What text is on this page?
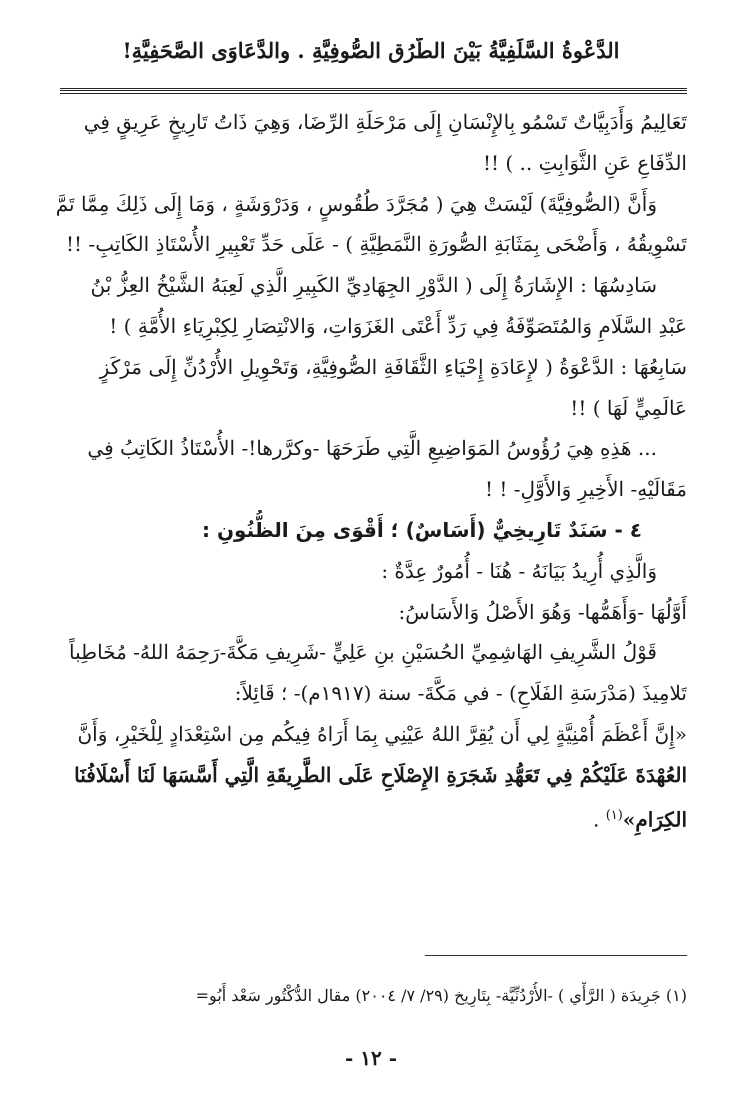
الدَّعْوةُ السَّلَفِيَّةُ بَيْنَ الطُّرُقِ الصُّوفِيَّةِ . والدَّعَاوَى الصَّحَفِيَّةِ!
تَعَالِيمُ وَأَدَبِيَّاتٌ تَسْمُو بِالإِنْسَانِ إِلَى مَرْحَلَةِ الرِّضَا، وَهِيَ ذَاتُ تَارِيخٍ عَرِيقٍ فِي
الدِّفَاعِ عَنِ الثَّوَابِتِ .. ) !!
وَأَنَّ (الصُّوفِيَّةَ) لَيْسَتْ هِيَ ( مُجَرَّدَ طُقُوسٍ ، وَدَرْوَشَةٍ ، وَمَا إِلَى ذَلِكَ مِمَّا تَمَّ
تَسْوِيقُهُ ، وَأَضْحَى بِمَثَابَةِ الصُّورَةِ النَّمَطِيَّةِ ) - عَلَى حَدِّ تَعْبِيرِ الأُسْتَاذِ الكَاتِبِ- !!
سَادِسُهَا : الإِشَارَةُ إِلَى ( الدَّوْرِ الجِهَادِيِّ الكَبِيرِ الَّذِي لَعِبَهُ الشَّيْخُ العِزُّ بْنُ
عَبْدِ السَّلَامِ وَالمُتَصَوِّفَةُ فِي رَدِّ أَعْتَى الغَزَوَاتِ، وَالانْتِصَارِ لِكِبْرِيَاءِ الأُمَّةِ ) !
سَابِعُهَا : الدَّعْوَةُ ( لإِعَادَةِ إِحْيَاءِ الثَّقَافَةِ الصُّوفِيَّةِ، وَتَحْوِيلِ الأُرْدُنِّ إِلَى مَرْكَزٍ
عَالَمِيٍّ لَهَا ) !!
... هَذِهِ هِيَ رُؤُوسُ المَوَاضِيعِ الَّتِي طَرَحَهَا -وكرَّرها!- الأُسْتَاذُ الكَاتِبُ فِي
مَقَالَيْهِ- الأَخِيرِ وَالأَوَّلِ- ! !
٤ - سَنَدٌ تَارِيخِيٌّ (أَسَاسٌ) ؛ أَقْوَى مِنَ الظُّنُونِ :
وَالَّذِي أُرِيدُ بَيَانَهُ - هُنَا - أُمُورٌ عِدَّةٌ :
أَوَّلُهَا -وَأَهَمُّها- وَهُوَ الأَصْلُ وَالأَسَاسُ:
قَوْلُ الشَّرِيفِ الهَاشِمِيِّ الحُسَيْنِ بنِ عَلِيٍّ -شَرِيفِ مَكَّةَ-رَحِمَهُ اللهُ- مُخَاطِباً
تَلامِيذَ (مَدْرَسَةِ الفَلَاحِ) - في مَكَّةَ- سنة (١٩١٧م)- ؛ قَائِلاً:
«إِنَّ أَعْظَمَ أُمْنِيَّةٍ لِي أَن يُقِرَّ اللهُ عَيْنِي بِمَا أَرَاهُ فِيكُم مِن اسْتِعْدَادٍ لِلْخَيْرِ، وَأَنَّ
العُهْدَةَ عَلَيْكُمْ فِي تَعَهُّدِ شَجَرَةِ الإِصْلَاحِ عَلَى الطَّرِيقَةِ الَّتِي أَسَّسَهَا لَنَا أَسْلَافُنَا
الكِرَامِ»$^{(١)}$ .
(١) جَرِيدَة ( الرَّأْي ) -الأُرْدُنِّيَّة- بِتَارِيخ (٢٩/ ٧/ ٢٠٠٤) مقال الدُّكْتُور سَعْد أَبُو=
- ١٢ -
